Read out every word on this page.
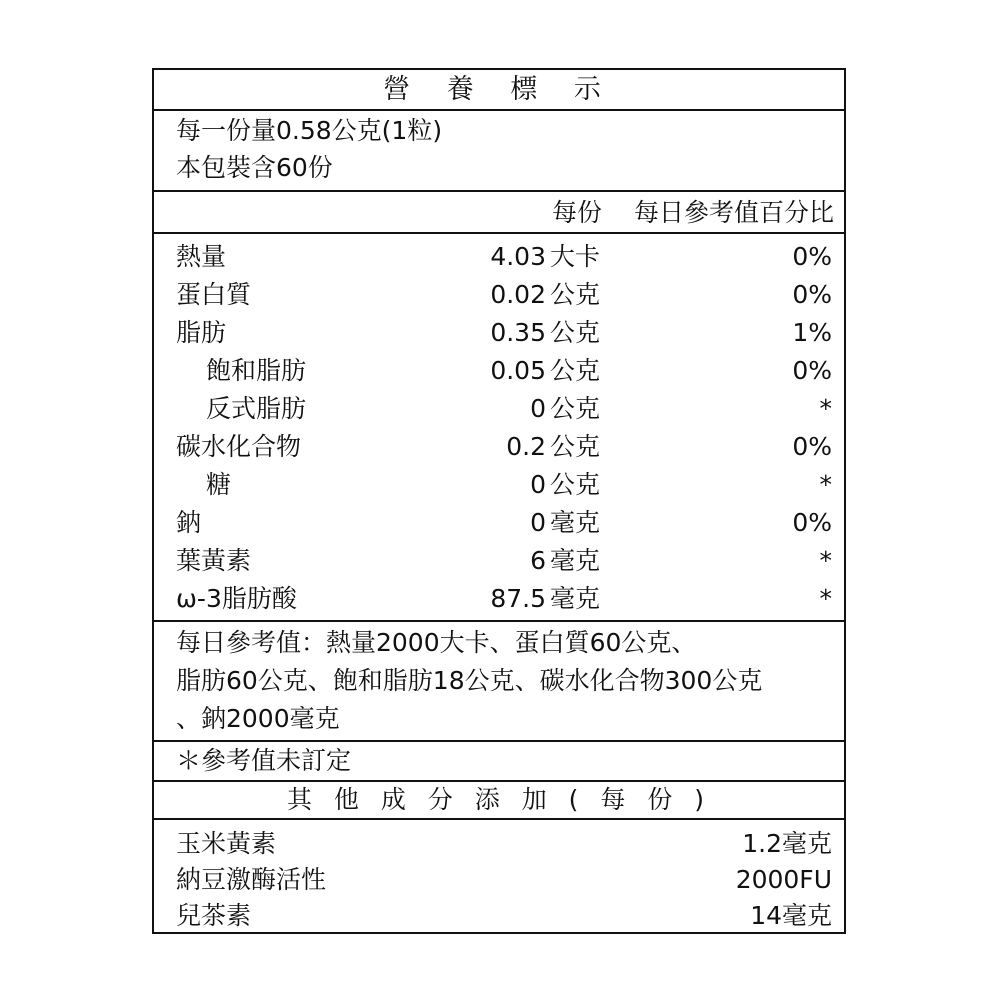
營 養 標 示
每一份量0.58公克(1粒)
本包裝含60份
每份 每日參考值百分比
熱量	4.03 大卡	0%
蛋白質	0.02 公克	0%
脂肪	0.35 公克	1%
飽和脂肪	0.05 公克	0%
反式脂肪	0 公克	*
碳水化合物	0.2 公克	0%
糖	0 公克	*
鈉	0 毫克	0%
葉黃素	6 毫克	*
ω-3脂肪酸	87.5 毫克	*
每日參考值：熱量2000大卡、蛋白質60公克、
脂肪60公克、飽和脂肪18公克、碳水化合物300公克
、鈉2000毫克
＊參考值未訂定
其 他 成 分 添 加 ( 每 份 )
玉米黃素	1.2毫克
納豆激酶活性	2000FU
兒茶素	14毫克
